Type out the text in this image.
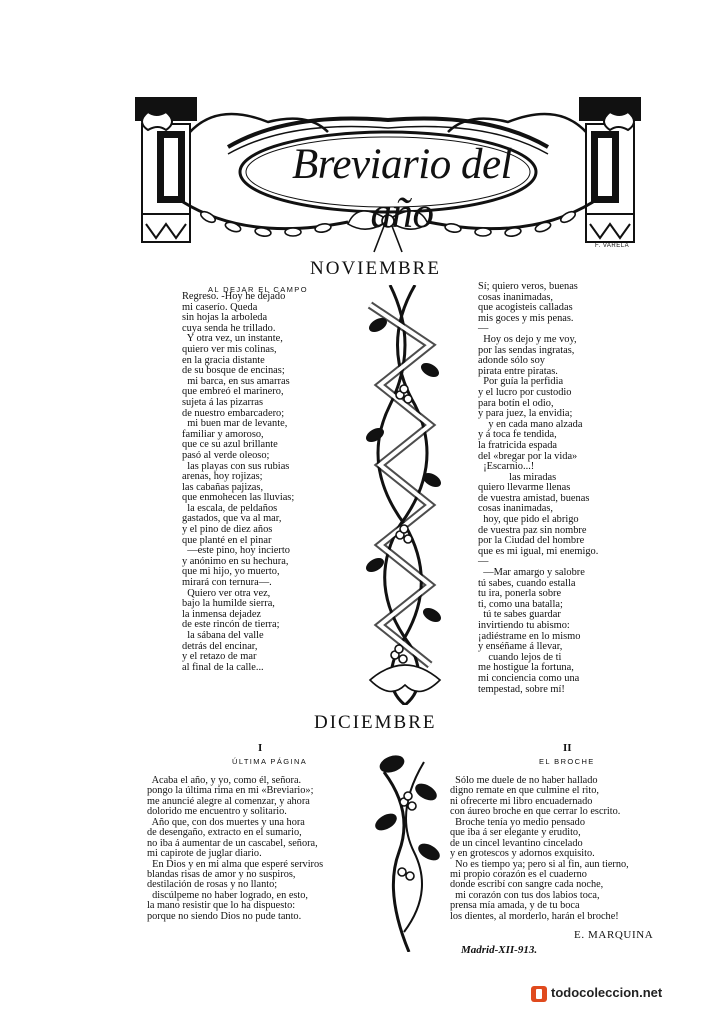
Breviario del año
F. VARELA
NOVIEMBRE
AL DEJAR EL CAMPO
Regreso. -Hoy he dejado
mi caserío. Queda
sin hojas la arboleda
cuya senda he trillado.
Y otra vez, un instante,
quiero ver mis colinas,
en la gracia distante
de su bosque de encinas;
mi barca, en sus amarras
que embreó el marinero,
sujeta á las pizarras
de nuestro embarcadero;
mi buen mar de levante,
familiar y amoroso,
que ce su azul brillante
pasó al verde oleoso;
las playas con sus rubias
arenas, hoy rojizas;
las cabañas pajizas,
que enmohecen las lluvias;
la escala, de peldaños
gastados, que va al mar,
y el pino de diez años
que planté en el pinar
—este pino, hoy incierto
y anónimo en su hechura,
que mi hijo, yo muerto,
mirará con ternura—.
Quiero ver otra vez,
bajo la humilde sierra,
la inmensa dejadez
de este rincón de tierra;
la sábana del valle
detrás del encinar,
y el retazo de mar
al final de la calle...
Sí; quiero veros, buenas
cosas inanimadas,
que acogisteis calladas
mis goces y mis penas.
—
Hoy os dejo y me voy,
por las sendas ingratas,
adonde sólo soy
pirata entre piratas.
Por guía la perfidia
y el lucro por custodio
para botín el odio,
y para juez, la envidia;
y en cada mano alzada
y á toca fe tendida,
la fratricida espada
del «bregar por la vida»
¡Escarnio...!
las miradas
quiero llevarme llenas
de vuestra amistad, buenas
cosas inanimadas,
hoy, que pido el abrigo
de vuestra paz sin nombre
por la Ciudad del hombre
que es mi igual, mi enemigo.
—
—Mar amargo y salobre
tú sabes, cuando estalla
tu ira, ponerla sobre
ti, como una batalla;
tú te sabes guardar
invirtiendo tu abismo:
¡adiéstrame en lo mismo
y enséñame á llevar,
cuando lejos de ti
me hostigue la fortuna,
mi conciencia como una
tempestad, sobre mí!
DICIEMBRE
I
ÚLTIMA PÁGINA
II
EL BROCHE
Acaba el año, y yo, como él, señora.
pongo la última rima en mi «Breviario»;
me anuncié alegre al comenzar, y ahora
dolorido me encuentro y solitario.
Año que, con dos muertes y una hora
de desengaño, extracto en el sumario,
no iba á aumentar de un cascabel, señora,
mi capirote de juglar diario.
En Dios y en mi alma que esperé serviros
blandas risas de amor y no suspiros,
destilación de rosas y no llanto;
discúlpeme no haber logrado, en esto,
la mano resistir que lo ha dispuesto:
porque no siendo Dios no pude tanto.
Sólo me duele de no haber hallado
digno remate en que culmine el rito,
ni ofrecerte mi libro encuadernado
con áureo broche en que cerrar lo escrito.
Broche tenía yo medio pensado
que iba á ser elegante y erudito,
de un cincel levantino cincelado
y en grotescos y adornos exquisito.
No es tiempo ya; pero si al fin, aun tierno,
mi propio corazón es el cuaderno
donde escribí con sangre cada noche,
mi corazón con tus dos labios toca,
prensa mía amada, y de tu boca
los dientes, al morderlo, harán el broche!
E. MARQUINA
Madrid-XII-913.
todocoleccion.net
